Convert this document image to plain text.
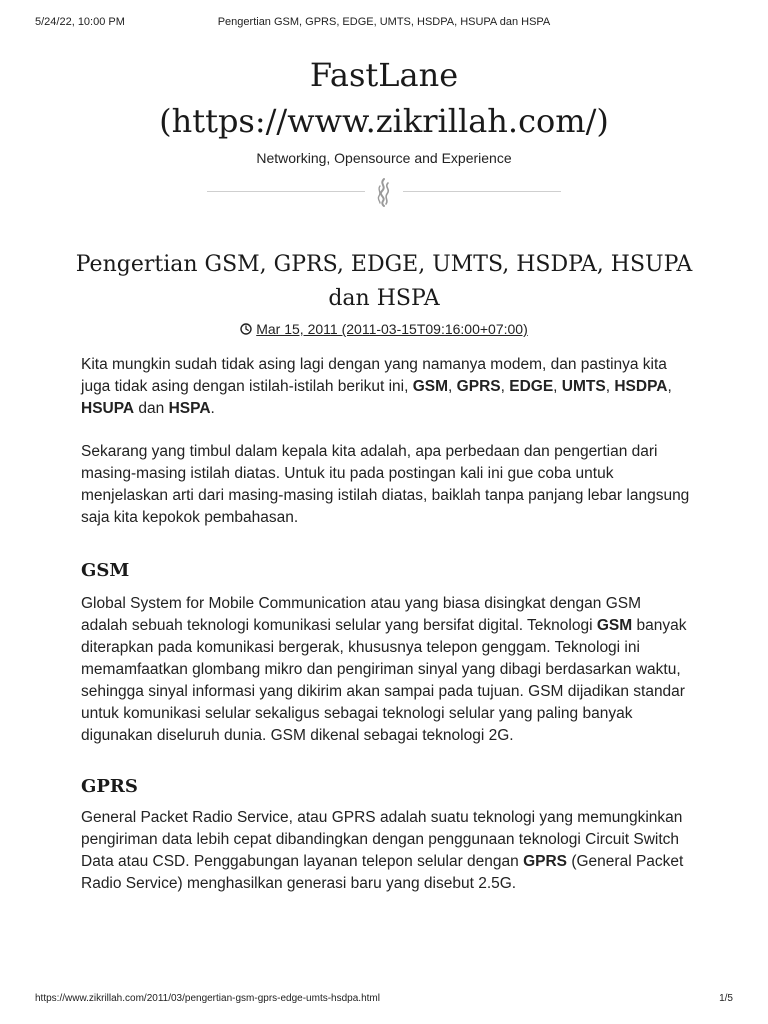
5/24/22, 10:00 PM	Pengertian GSM, GPRS, EDGE, UMTS, HSDPA, HSUPA dan HSPA
FastLane
(https://www.zikrillah.com/)
Networking, Opensource and Experience
Pengertian GSM, GPRS, EDGE, UMTS, HSDPA, HSUPA dan HSPA
Mar 15, 2011 (2011-03-15T09:16:00+07:00)

Kita mungkin sudah tidak asing lagi dengan yang namanya modem, dan pastinya kita juga tidak asing dengan istilah-istilah berikut ini, GSM, GPRS, EDGE, UMTS, HSDPA, HSUPA dan HSPA.

Sekarang yang timbul dalam kepala kita adalah, apa perbedaan dan pengertian dari masing-masing istilah diatas. Untuk itu pada postingan kali ini gue coba untuk menjelaskan arti dari masing-masing istilah diatas, baiklah tanpa panjang lebar langsung saja kita kepokok pembahasan.

GSM

Global System for Mobile Communication atau yang biasa disingkat dengan GSM adalah sebuah teknologi komunikasi selular yang bersifat digital. Teknologi GSM banyak diterapkan pada komunikasi bergerak, khususnya telepon genggam. Teknologi ini memamfaatkan glombang mikro dan pengiriman sinyal yang dibagi berdasarkan waktu, sehingga sinyal informasi yang dikirim akan sampai pada tujuan. GSM dijadikan standar untuk komunikasi selular sekaligus sebagai teknologi selular yang paling banyak digunakan diseluruh dunia. GSM dikenal sebagai teknologi 2G.

GPRS

General Packet Radio Service, atau GPRS adalah suatu teknologi yang memungkinkan pengiriman data lebih cepat dibandingkan dengan penggunaan teknologi Circuit Switch Data atau CSD. Penggabungan layanan telepon selular dengan GPRS (General Packet Radio Service) menghasilkan generasi baru yang disebut 2.5G.

https://www.zikrillah.com/2011/03/pengertian-gsm-gprs-edge-umts-hsdpa.html	1/5
